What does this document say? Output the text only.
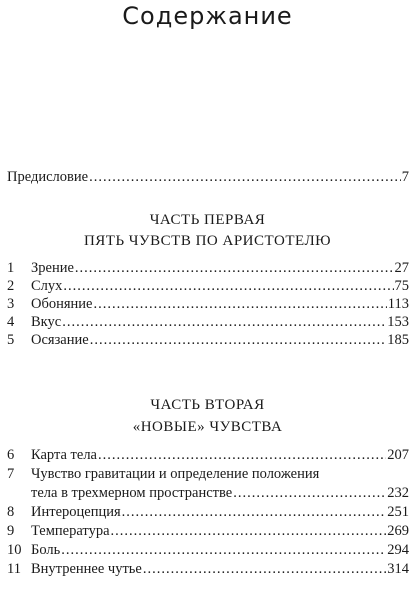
Содержание
Предисловие .....	7
ЧАСТЬ ПЕРВАЯ
ПЯТЬ ЧУВСТВ ПО АРИСТОТЕЛЮ
1	Зрение .....	27
2	Слух .....	75
3	Обоняние .....	113
4	Вкус .....	153
5	Осязание .....	185
ЧАСТЬ ВТОРАЯ
«НОВЫЕ» ЧУВСТВА
6	Карта тела .....	207
7	Чувство гравитации и определение положения
тела в трехмерном пространстве .....	232
8	Интероцепция .....	251
9	Температура .....	269
10 Боль .....	294
11 Внутреннее чутье .....	314
